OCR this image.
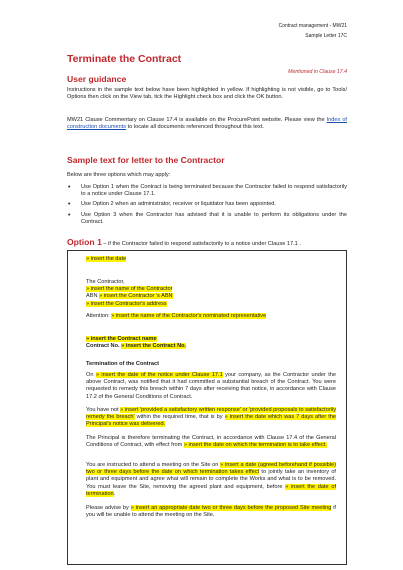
Contract management - MW21
Sample Letter 17C
Terminate the Contract
Mentioned in Clause 17.4
User guidance
Instructions in the sample text below have been highlighted in yellow. If highlighting is not visible, go to Tools/ Options then click on the View tab, tick the Highlight check box and click the OK button.
MW21 Clause Commentary on Clause 17.4 is available on the ProcurePoint website. Please view the Index of construction documents to locate all documents referenced throughout this text.
Sample text for letter to the Contractor
Below are three options which may apply:
• Use Option 1 when the Contract is being terminated because the Contractor failed to respond satisfactorily to a notice under Clause 17.1.
• Use Option 2 when an administrator, receiver or liquidator has been appointed.
• Use Option 3 when the Contractor has advised that it is unable to perform its obligations under the Contract.
Option 1 – if the Contractor failed to respond satisfactorily to a notice under Clause 17.1 .
» insert the date
The Contractor,
» insert the name of the Contractor
ABN » insert the Contractor 's ABN
» insert the Contractor's address
Attention: » insert the name of the Contractor's nominated representative
» insert the Contract name
Contract No. » insert the Contract No.
Termination of the Contract
On » insert the date of the notice under Clause 17.1 your company, as the Contractor under the above Contract, was notified that it had committed a substantial breach of the Contract. You were requested to remedy this breach within 7 days after receiving that notice, in accordance with Clause 17.2 of the General Conditions of Contract.
You have not » insert 'provided a satisfactory written response' or 'provided proposals to satisfactorily remedy the breach' within the required time, that is by » insert the date which was 7 days after the Principal's notice was delivered.
The Principal is therefore terminating the Contract, in accordance with Clause 17.4 of the General Conditions of Contract, with effect from » insert the date on which the termination is to take effect.
You are instructed to attend a meeting on the Site on » insert a date (agreed beforehand if possible) two or three days before the date on which termination takes effect to jointly take an inventory of plant and equipment and agree what will remain to complete the Works and what is to be removed. You must leave the Site, removing the agreed plant and equipment, before » insert the date of termination.
Please advise by » insert an appropriate date two or three days before the proposed Site meeting if you will be unable to attend the meeting on the Site.
